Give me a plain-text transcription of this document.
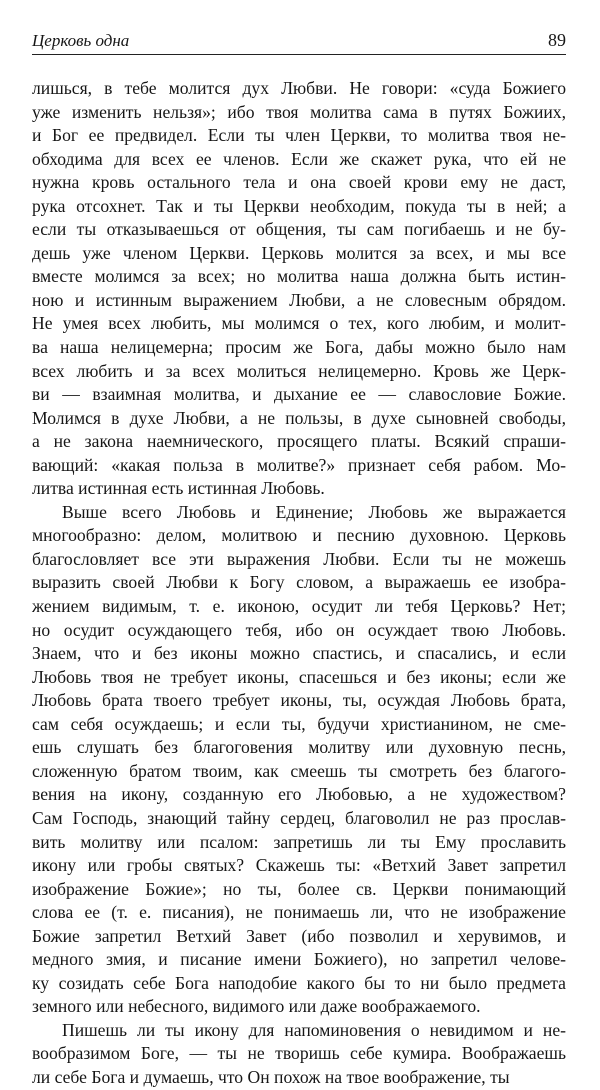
Церковь одна	89
лишься, в тебе молится дух Любви. Не говори: «суда Божиего
уже изменить нельзя»; ибо твоя молитва сама в путях Божиих,
и Бог ее предвидел. Если ты член Церкви, то молитва твоя не-
обходима для всех ее членов. Если же скажет рука, что ей не
нужна кровь остального тела и она своей крови ему не даст,
рука отсохнет. Так и ты Церкви необходим, покуда ты в ней; а
если ты отказываешься от общения, ты сам погибаешь и не бу-
дешь уже членом Церкви. Церковь молится за всех, и мы все
вместе молимся за всех; но молитва наша должна быть истин-
ною и истинным выражением Любви, а не словесным обрядом.
Не умея всех любить, мы молимся о тех, кого любим, и молит-
ва наша нелицемерна; просим же Бога, дабы можно было нам
всех любить и за всех молиться нелицемерно. Кровь же Церк-
ви — взаимная молитва, и дыхание ее — славословие Божие.
Молимся в духе Любви, а не пользы, в духе сыновней свободы,
а не закона наемнического, просящего платы. Всякий спраши-
вающий: «какая польза в молитве?» признает себя рабом. Мо-
литва истинная есть истинная Любовь.
Выше всего Любовь и Единение; Любовь же выражается
многообразно: делом, молитвою и песнию духовною. Церковь
благословляет все эти выражения Любви. Если ты не можешь
выразить своей Любви к Богу словом, а выражаешь ее изобра-
жением видимым, т. е. иконою, осудит ли тебя Церковь? Нет;
но осудит осуждающего тебя, ибо он осуждает твою Любовь.
Знаем, что и без иконы можно спастись, и спасались, и если
Любовь твоя не требует иконы, спасешься и без иконы; если же
Любовь брата твоего требует иконы, ты, осуждая Любовь брата,
сам себя осуждаешь; и если ты, будучи христианином, не сме-
ешь слушать без благоговения молитву или духовную песнь,
сложенную братом твоим, как смеешь ты смотреть без благого-
вения на икону, созданную его Любовью, а не художеством?
Сам Господь, знающий тайну сердец, благоволил не раз прослав-
вить молитву или псалом: запретишь ли ты Ему прославить
икону или гробы святых? Скажешь ты: «Ветхий Завет запретил
изображение Божие»; но ты, более св. Церкви понимающий
слова ее (т. е. писания), не понимаешь ли, что не изображение
Божие запретил Ветхий Завет (ибо позволил и херувимов, и
медного змия, и писание имени Божиего), но запретил челове-
ку созидать себе Бога наподобие какого бы то ни было предмета
земного или небесного, видимого или даже воображаемого.
Пишешь ли ты икону для напоминовения о невидимом и не-
вообразимом Боге, — ты не творишь себе кумира. Воображаешь
ли себе Бога и думаешь, что Он похож на твое воображение, ты
